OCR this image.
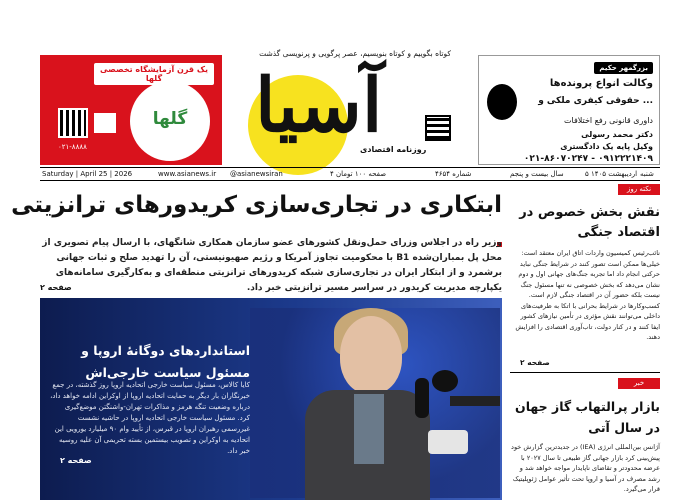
یک قرن آزمایشگاه تخصصی گلها
گلها
golhaco
۰۲۱-۸۸۸۸
کوتاه بگوییم و کوتاه بنویسیم، عصر پرگویی و پرنویسی گذشت
آسیا
روزنامه اقتصادی
بزرگمهر حکیم
وکالت انواع پرونده‌ها
حقوقی کیفری ملکی و ...
داوری قانونی رفع اختلافات
دکتر محمد رسولی
وکیل پایه یک دادگستری
۰۲۱-۸۶۰۷۰۲۴۷ - ۰۹۱۲۲۲۱۴۰۹
Saturday | April 25 | 2026	www.asianews.ir @asianewsiran	۴ صفحه ۱۰۰ تومان	شماره ۴۶۵۴	سال بیست و پنجم	۵ اردیبهشت ۱۴۰۵ شنبه
نکته روز
ابتکاری در تجاری‌سازی کریدورهای ترانزیتی
وزیر راه در اجلاس وزرای حمل‌ونقل کشورهای عضو سازمان همکاری شانگهای، با ارسال پیام تصویری از محل پل بمباران‌شده B1 با محکومیت تجاوز آمریکا و رژیم صهیونیستی، آن را تهدید صلح و ثبات جهانی برشمرد و از ابتکار ایران در تجاری‌سازی شبکه کریدورهای ترانزیتی منطقه‌ای و به‌کارگیری سامانه‌های یکپارچه مدیریت کریدور در سراسر مسیر ترانزیتی خبر داد.
صفحه ۲
استانداردهای دوگانهٔ اروپا و مسئول سیاست خارجی‌اش
کایا کالاس، مسئول سیاست خارجی اتحادیه اروپا روز گذشته، در جمع خبرنگاران بار دیگر به حمایت اتحادیه اروپا از اوکراین ادامه خواهد داد، درباره وضعیت تنگه هرمز و مذاکرات تهران-واشنگتن موضع‌گیری کرد. مسئول سیاست خارجی اتحادیه اروپا در حاشیه نشست غیررسمی رهبران اروپا در قبرس، از تأیید وام ۹۰ میلیارد یورویی این اتحادیه به اوکراین و تصویب بیستمین بسته تحریمی آن علیه روسیه خبر داد.
صفحه ۲
نقش بخش خصوص در اقتصاد جنگی
نائب‌رئیس کمیسیون واردات اتاق ایران معتقد است: خیلی‌ها ممکن است تصور کنند در شرایط جنگی نباید حرکتی انجام داد اما تجربه جنگ‌های جهانی اول و دوم نشان می‌دهد که بخش خصوصی نه تنها مسئول جنگ نیست بلکه حضور آن در اقتصاد جنگی لازم است. کسب‌وکارها در شرایط بحرانی با اتکا به ظرفیت‌های داخلی می‌توانند نقش مؤثری در تأمین نیازهای کشور ایفا کنند و در کنار دولت، تاب‌آوری اقتصادی را افزایش دهند.
صفحه ۲
خبر
بازار پرالتهاب گاز جهان در سال آتی
آژانس بین‌المللی انرژی (IEA) در جدیدترین گزارش خود پیش‌بینی کرد بازار جهانی گاز طبیعی تا سال ۲۰۲۷ با عرضه محدودتر و تقاضای ناپایدار مواجه خواهد شد و رشد مصرف در آسیا و اروپا تحت تأثیر عوامل ژئوپلیتیک قرار می‌گیرد.
